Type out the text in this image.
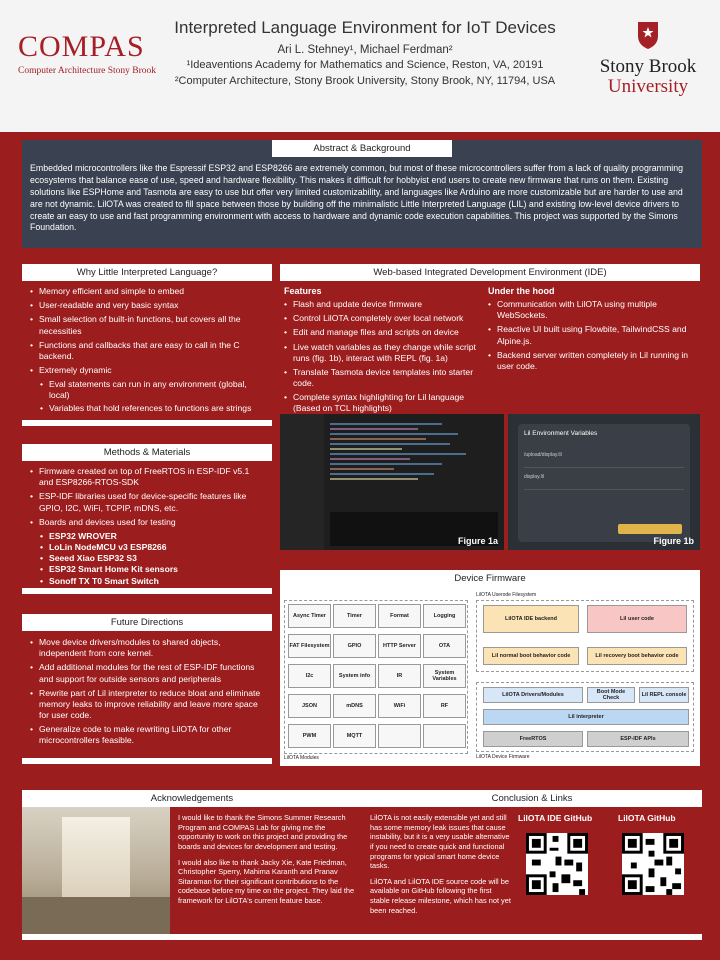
COMPAS
Computer Architecture Stony Brook
Interpreted Language Environment for IoT Devices
Ari L. Stehney¹, Michael Ferdman²
¹Ideaventions Academy for Mathematics and Science, Reston, VA, 20191
²Computer Architecture, Stony Brook University, Stony Brook, NY, 11794, USA
Stony Brook
University
Abstract & Background
Embedded microcontrollers like the Espressif ESP32 and ESP8266 are extremely common, but most of these microcontrollers suffer from a lack of quality programming ecosystems that balance ease of use, speed and hardware flexibility. This makes it difficult for hobbyist end users to create new firmware that runs on them. Existing solutions like ESPHome and Tasmota are easy to use but offer very limited customizability, and languages like Arduino are more customizable but are harder to use and are not dynamic. LilOTA was created to fill space between those by building off the minimalistic Little Interpreted Language (LIL) and existing low-level device drivers to create an easy to use and fast programming environment with access to hardware and dynamic code execution capabilities. This project was supported by the Simons Foundation.
Why Little Interpreted Language?
• Memory efficient and simple to embed
• User-readable and very basic syntax
• Small selection of built-in functions, but covers all the necessities
• Functions and callbacks that are easy to call in the C backend.
• Extremely dynamic
• Eval statements can run in any environment (global, local)
• Variables that hold references to functions are strings
Methods & Materials
• Firmware created on top of FreeRTOS in ESP-IDF v5.1 and ESP8266-RTOS-SDK
• ESP-IDF libraries used for device-specific features like GPIO, I2C, WiFi, TCPIP, mDNS, etc.
• Boards and devices used for testing
• ESP32 WROVER
• LoLin NodeMCU v3 ESP8266
• Seeed Xiao ESP32 S3
• ESP32 Smart Home Kit sensors
• Sonoff TX T0 Smart Switch
Future Directions
• Move device drivers/modules to shared objects, independent from core kernel.
• Add additional modules for the rest of ESP-IDF functions and support for outside sensors and peripherals
• Rewrite part of Lil interpreter to reduce bloat and eliminate memory leaks to improve reliability and leave more space for user code.
• Generalize code to make rewriting LilOTA for other microcontrollers feasible.
Web-based Integrated Development Environment (IDE)
Features
• Flash and update device firmware
• Control LilOTA completely over local network
• Edit and manage files and scripts on device
• Live watch variables as they change while script runs (fig. 1b), interact with REPL (fig. 1a)
• Translate Tasmota device templates into starter code.
• Complete syntax highlighting for Lil language (Based on TCL highlights)
Under the hood
• Communication with LilOTA using multiple WebSockets.
• Reactive UI built using Flowbite, TailwindCSS and Alpine.js.
• Backend server written completely in Lil running in user code.
Figure 1a
Lil Environment Variables
/upload/display.lil
display.lil
Figure 1b
Device Firmware
Async Timer	Timer	Format	Logging
FAT Filesystem	GPIO	HTTP Server	OTA
I2c	System info	IR	System Variables
JSON	mDNS	WiFi	RF
PWM	MQTT
LilOTA Modules
LilOTA Userode Filesystem
LilOTA IDE backend	Lil user code
Lil normal boot behavior code	Lil recovery boot behavior code
LilOTA Drivers/Modules	Boot Mode Check	Lil REPL console
Lil interpreter
FreeRTOS	ESP-IDF APIs
LilOTA Device Firmware
Acknowledgements

I would like to thank the Simons Summer Research Program and COMPAS Lab for giving me the opportunity to work on this project and providing the boards and devices for development and testing.

I would also like to thank Jacky Xie, Kate Friedman, Christopher Sperry, Mahima Karanth and Pranav Sitaraman for their significant contributions to the codebase before my time on the project. They laid the framework for LilOTA's current feature base.

Conclusion & Links

LilOTA is not easily extensible yet and still has some memory leak issues that cause instability, but it is a very usable alternative if you need to create quick and functional programs for typical smart home device tasks.

LilOTA and LilOTA IDE source code will be available on GitHub following the first stable release milestone, which has not yet been reached.

LilOTA IDE GitHub	LilOTA GitHub
